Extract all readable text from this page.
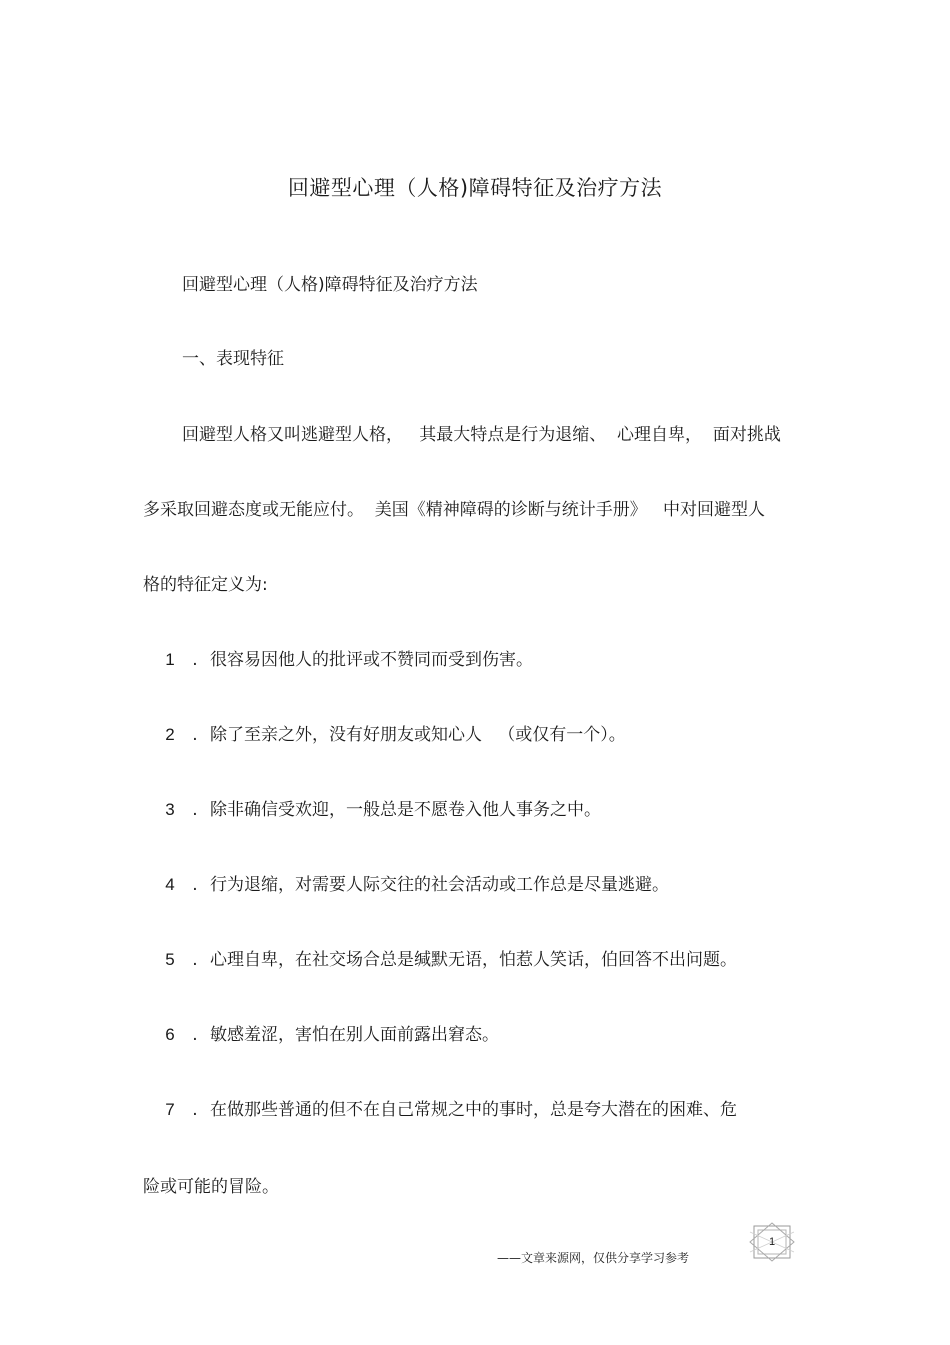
回避型心理（人格)障碍特征及治疗方法
回避型心理（人格)障碍特征及治疗方法
一、表现特征
回避型人格又叫逃避型人格，   其最大特点是行为退缩、  心理自卑，  面对挑战
多采取回避态度或无能应付。  美国《精神障碍的诊断与统计手册》   中对回避型人
格的特征定义为:
1 . 很容易因他人的批评或不赞同而受到伤害。
2 . 除了至亲之外，没有好朋友或知心人   （或仅有一个）。
3 . 除非确信受欢迎，一般总是不愿卷入他人事务之中。
4 . 行为退缩，对需要人际交往的社会活动或工作总是尽量逃避。
5 . 心理自卑，在社交场合总是缄默无语，怕惹人笑话，伯回答不出问题。
6 . 敏感羞涩，害怕在别人面前露出窘态。
7 . 在做那些普通的但不在自己常规之中的事时，总是夸大潜在的困难、危
险或可能的冒险。
——文章来源网，仅供分享学习参考
1
